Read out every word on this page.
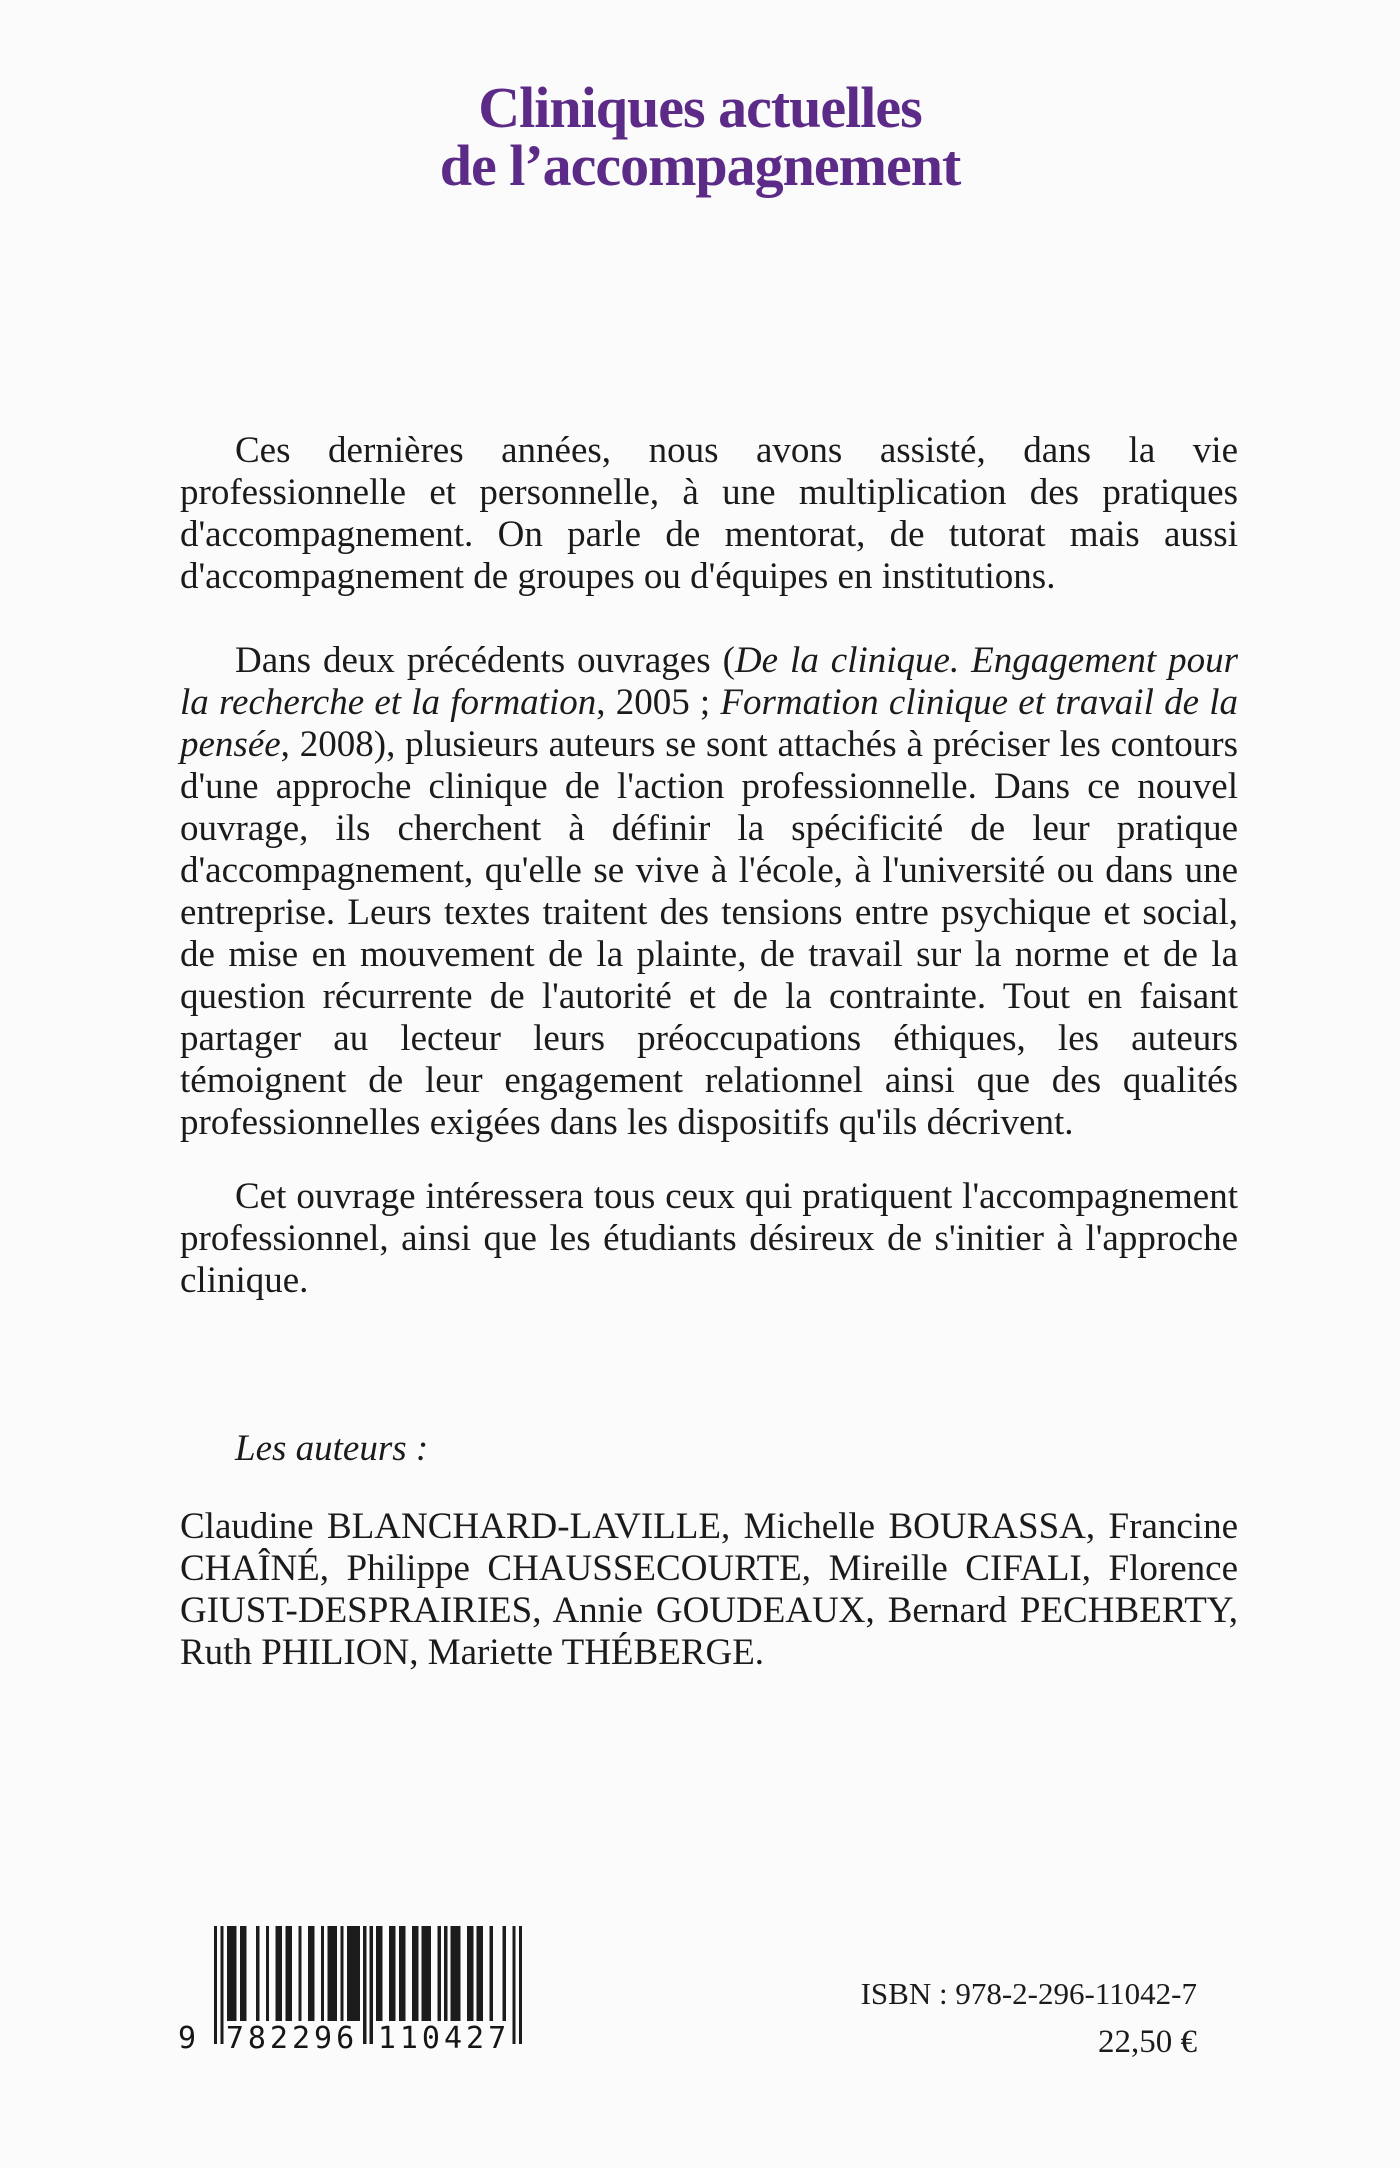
Cliniques actuelles
de l’accompagnement

Ces dernières années, nous avons assisté, dans la vie professionnelle et personnelle, à une multiplication des pratiques d'accompagnement. On parle de mentorat, de tutorat mais aussi d'accompagnement de groupes ou d'équipes en institutions.

Dans deux précédents ouvrages (De la clinique. Engagement pour la recherche et la formation, 2005 ; Formation clinique et travail de la pensée, 2008), plusieurs auteurs se sont attachés à préciser les contours d'une approche clinique de l'action professionnelle. Dans ce nouvel ouvrage, ils cherchent à définir la spécificité de leur pratique d'accompagnement, qu'elle se vive à l'école, à l'université ou dans une entreprise. Leurs textes traitent des tensions entre psychique et social, de mise en mouvement de la plainte, de travail sur la norme et de la question récurrente de l'autorité et de la contrainte. Tout en faisant partager au lecteur leurs préoccupations éthiques, les auteurs témoignent de leur engagement relationnel ainsi que des qualités professionnelles exigées dans les dispositifs qu'ils décrivent.

Cet ouvrage intéressera tous ceux qui pratiquent l'accompagnement professionnel, ainsi que les étudiants désireux de s'initier à l'approche clinique.

Les auteurs :

Claudine BLANCHARD-LAVILLE, Michelle BOURASSA, Francine CHAÎNÉ, Philippe CHAUSSECOURTE, Mireille CIFALI, Florence GIUST-DESPRAIRIES, Annie GOUDEAUX, Bernard PECHBERTY, Ruth PHILION, Mariette THÉBERGE.

9 782296 110427
ISBN : 978-2-296-11042-7
22,50 €
